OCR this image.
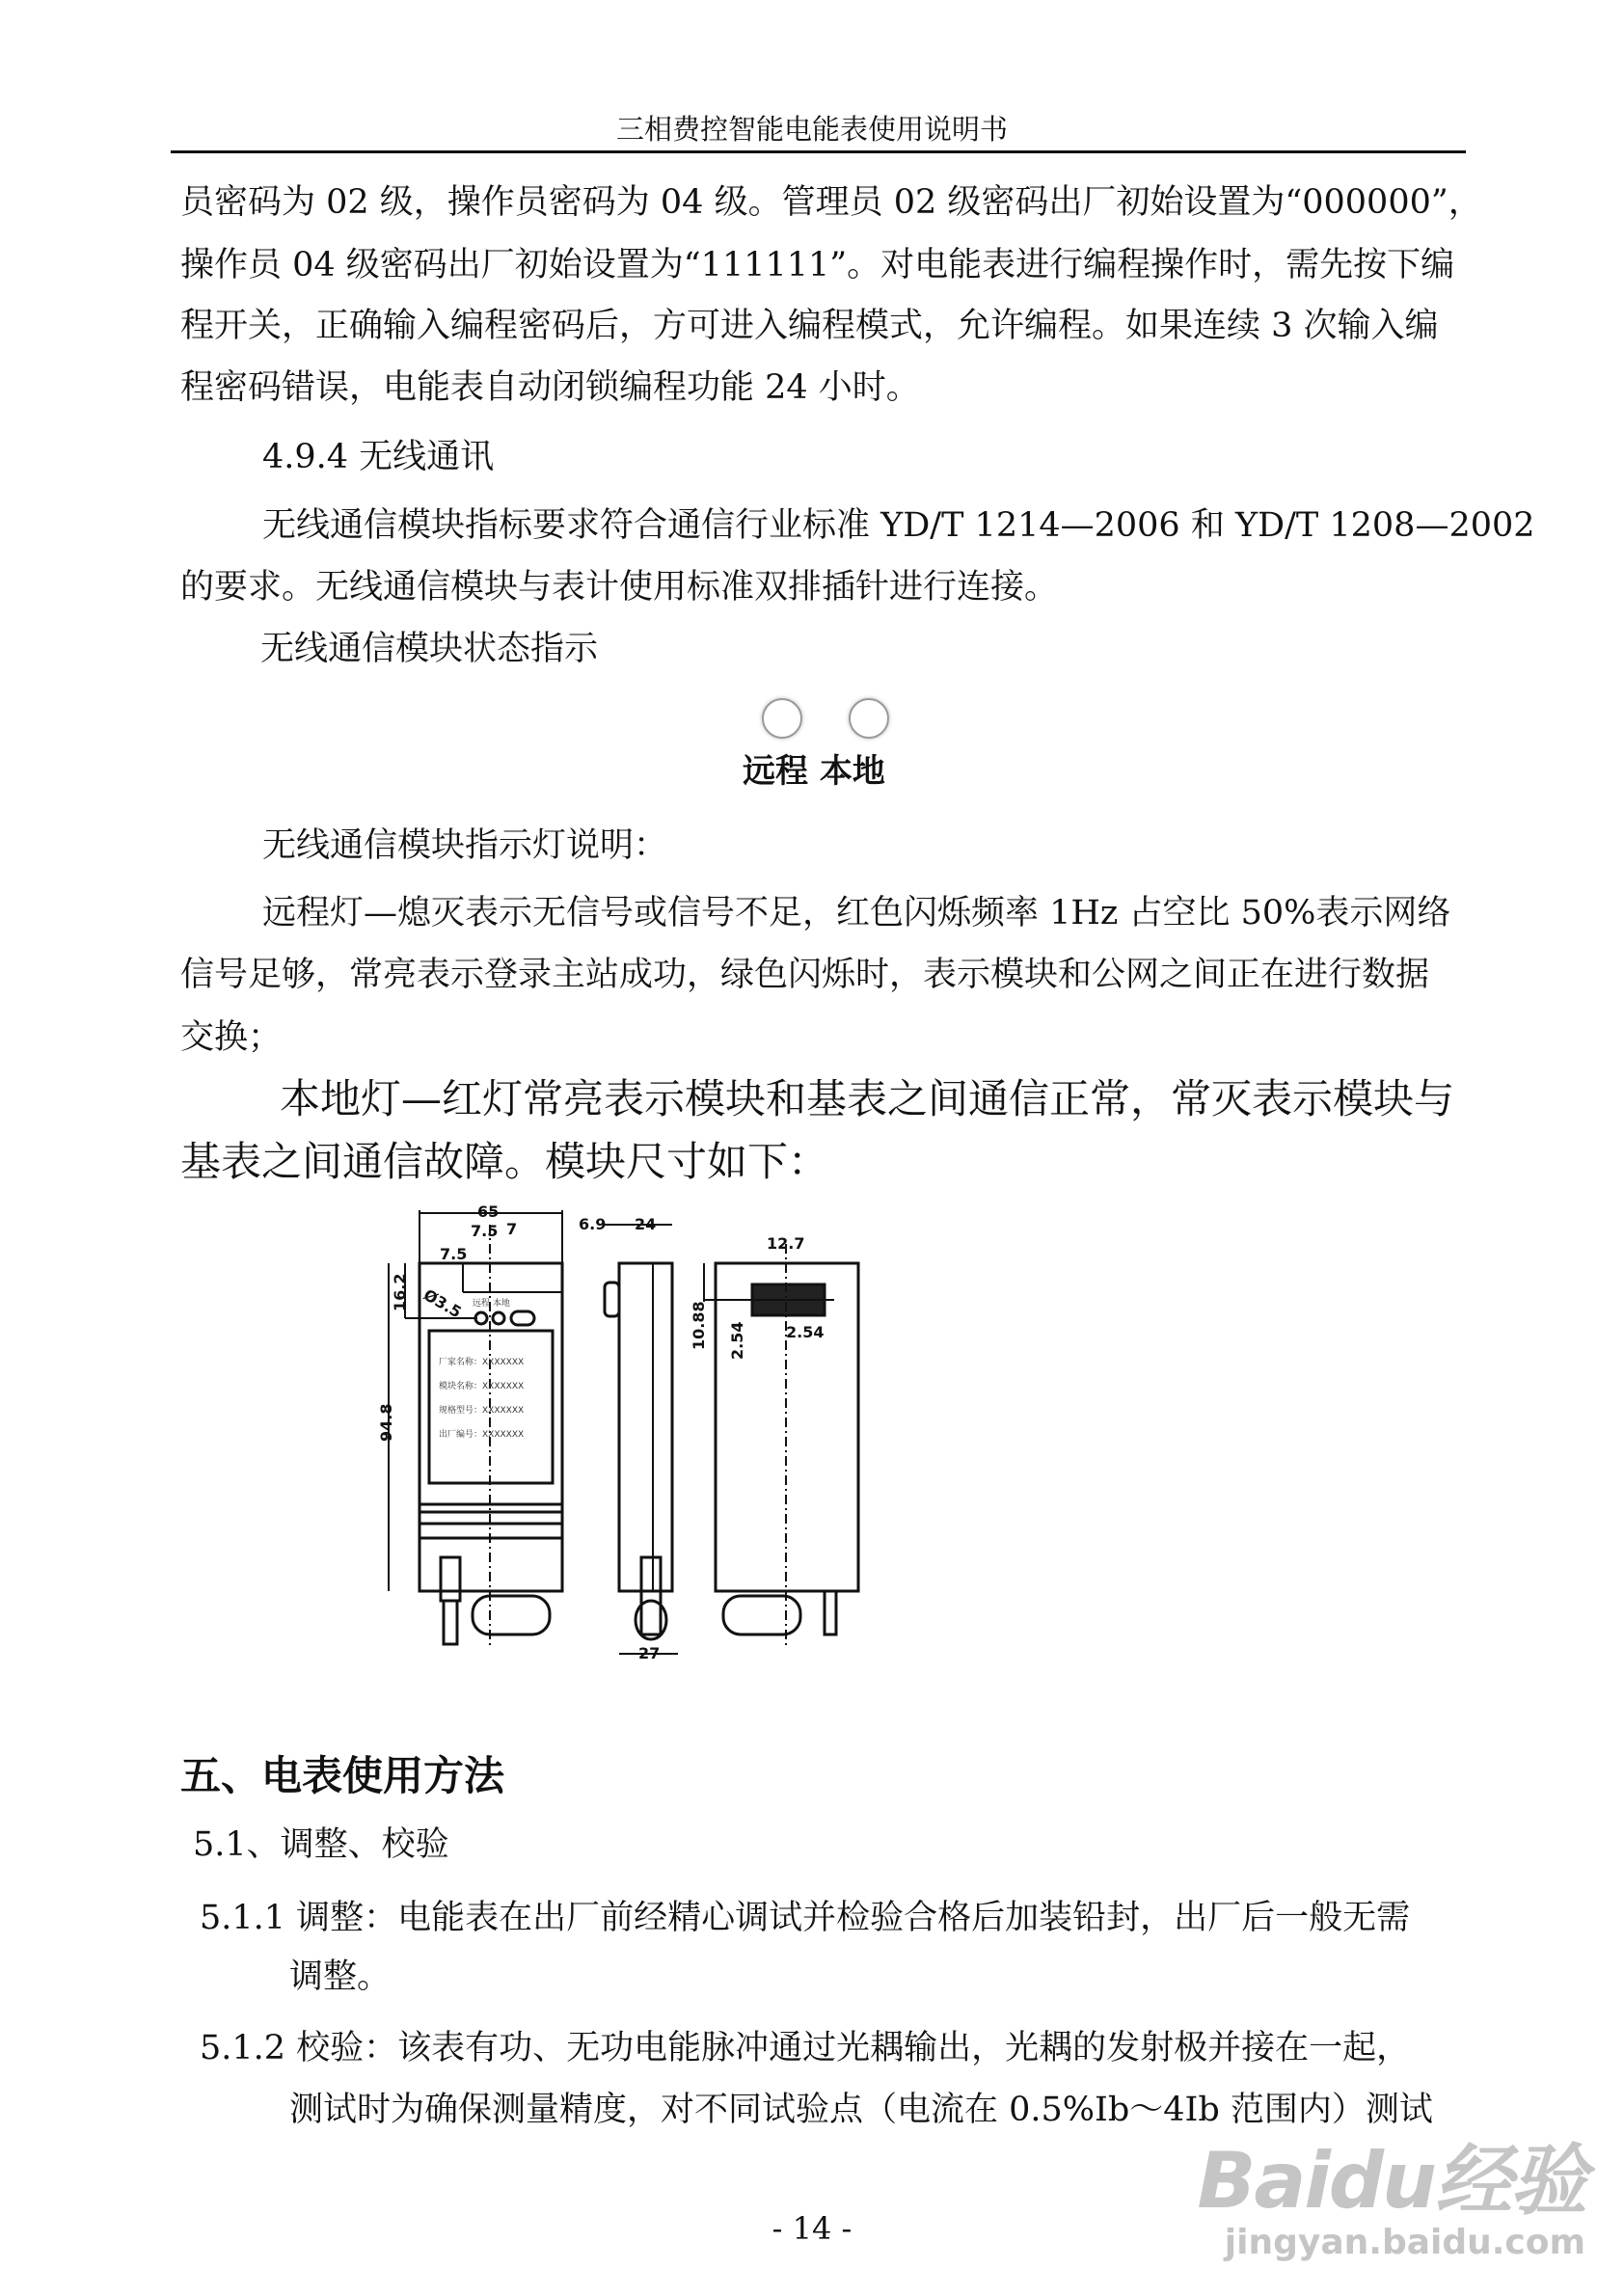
三相费控智能电能表使用说明书
员密码为 02 级，操作员密码为 04 级。管理员 02 级密码出厂初始设置为“000000”，
操作员 04 级密码出厂初始设置为“111111”。对电能表进行编程操作时，需先按下编
程开关，正确输入编程密码后，方可进入编程模式，允许编程。如果连续 3 次输入编
程密码错误，电能表自动闭锁编程功能 24 小时。
4.9.4 无线通讯
无线通信模块指标要求符合通信行业标准 YD/T 1214—2006 和 YD/T 1208—2002
的要求。无线通信模块与表计使用标准双排插针进行连接。
无线通信模块状态指示
远程 本地
无线通信模块指示灯说明：
远程灯—熄灭表示无信号或信号不足，红色闪烁频率 1Hz 占空比 50%表示网络
信号足够，常亮表示登录主站成功，绿色闪烁时，表示模块和公网之间正在进行数据
交换；
本地灯—红灯常亮表示模块和基表之间通信正常，常灭表示模块与
基表之间通信故障。模块尺寸如下：
65
7
7.5
7.5
Ø3.5
16.2
94.8
6.9 24
27
12.7
10.88 2.54	2.54
远程 本地
厂家名称：XXXXXXX
模块名称：XXXXXXX
规格型号：XXXXXXX
出厂编号：XXXXXXX
五、电表使用方法
5.1、调整、校验
5.1.1 调整：电能表在出厂前经精心调试并检验合格后加装铅封，出厂后一般无需
调整。
5.1.2 校验：该表有功、无功电能脉冲通过光耦输出，光耦的发射极并接在一起，
测试时为确保测量精度，对不同试验点（电流在 0.5%Ib～4Ib 范围内）测试
Baidu经验
jingyan.baidu.com
- 14 -
